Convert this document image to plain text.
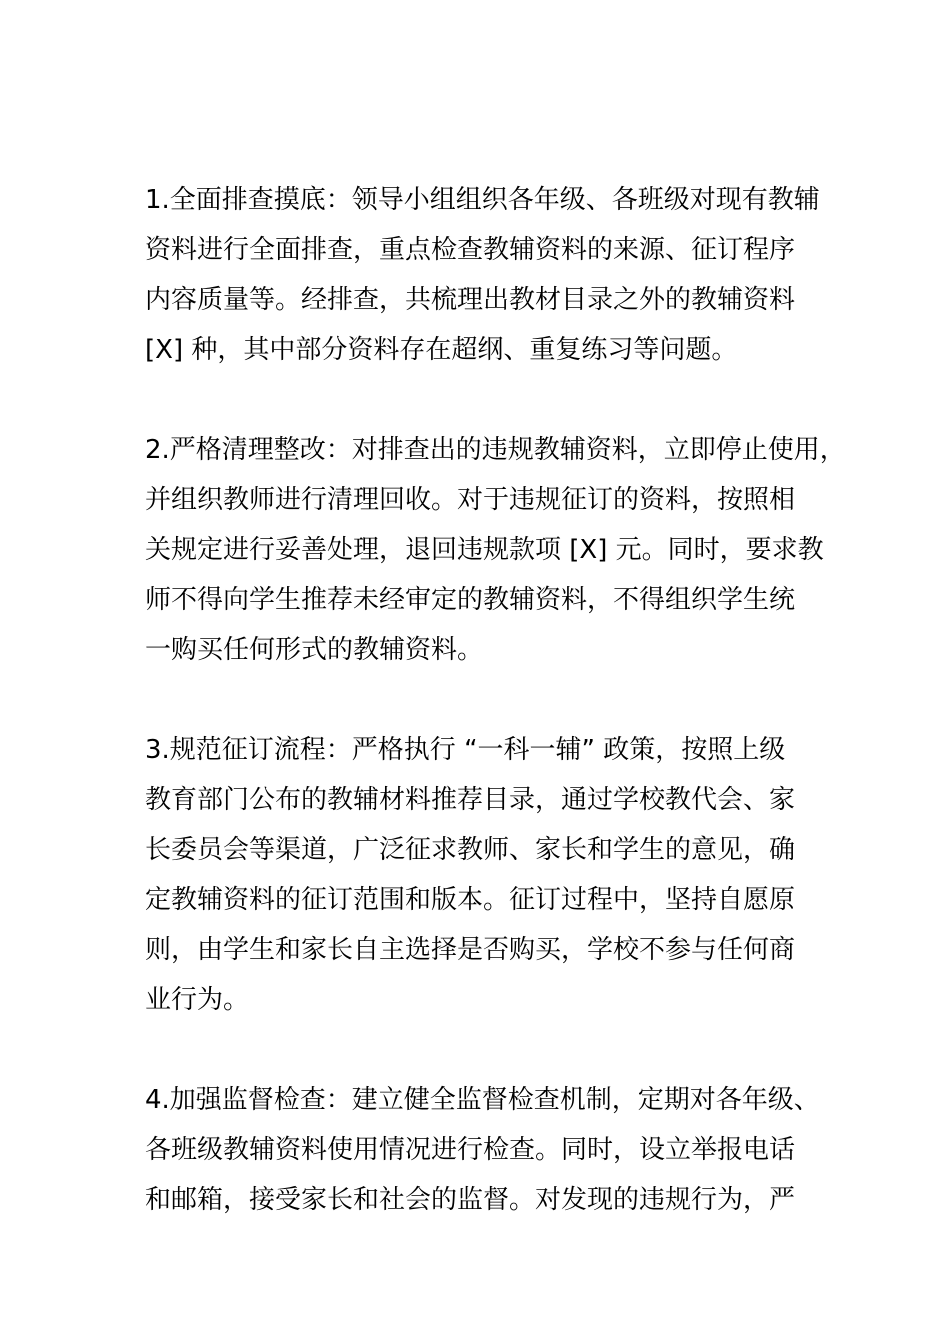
1.全面排查摸底：领导小组组织各年级、各班级对现有教辅
资料进行全面排查，重点检查教辅资料的来源、征订程序
内容质量等。经排查，共梳理出教材目录之外的教辅资料
[X] 种，其中部分资料存在超纲、重复练习等问题。
2.严格清理整改：对排查出的违规教辅资料，立即停止使用，
并组织教师进行清理回收。对于违规征订的资料，按照相
关规定进行妥善处理，退回违规款项 [X] 元。同时，要求教
师不得向学生推荐未经审定的教辅资料，不得组织学生统
一购买任何形式的教辅资料。
3.规范征订流程：严格执行 “一科一辅” 政策，按照上级
教育部门公布的教辅材料推荐目录，通过学校教代会、家
长委员会等渠道，广泛征求教师、家长和学生的意见，确
定教辅资料的征订范围和版本。征订过程中，坚持自愿原
则，由学生和家长自主选择是否购买，学校不参与任何商
业行为。
4.加强监督检查：建立健全监督检查机制，定期对各年级、
各班级教辅资料使用情况进行检查。同时，设立举报电话
和邮箱，接受家长和社会的监督。对发现的违规行为，严
